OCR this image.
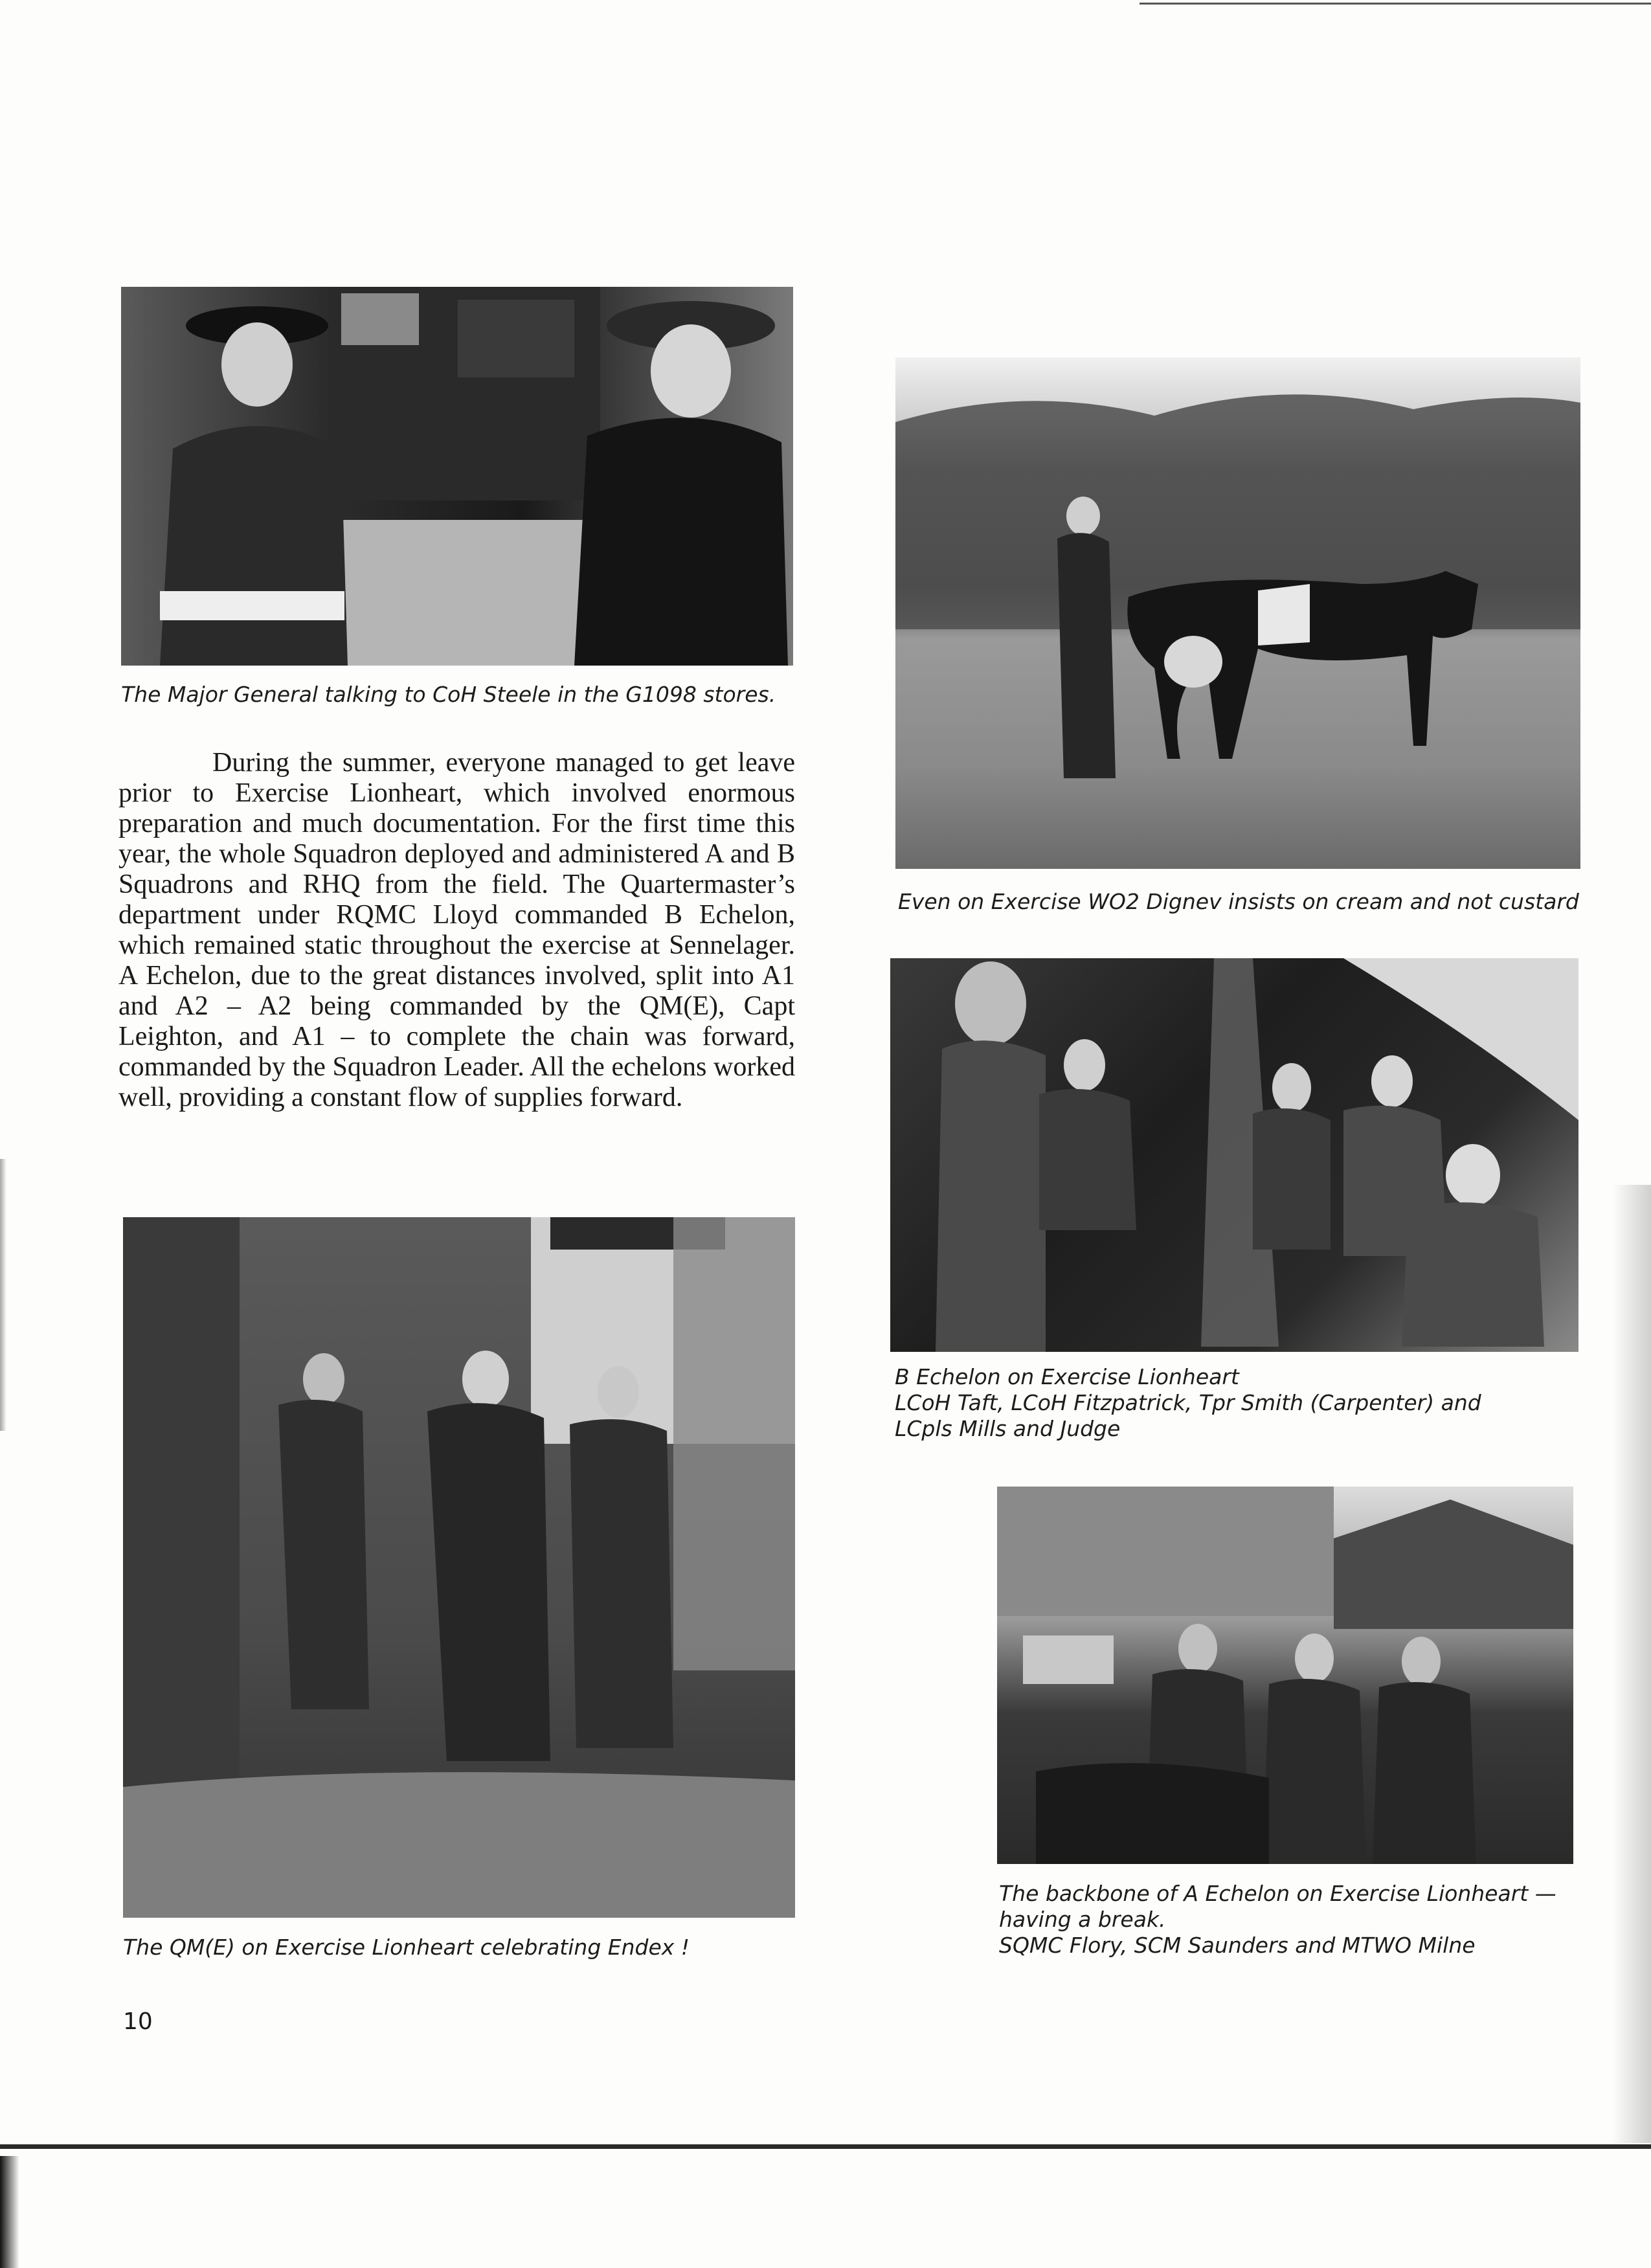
The Major General talking to CoH Steele in the G1098 stores.

During the summer, everyone managed to get leave prior to Exercise Lionheart, which involved enormous preparation and much documentation. For the first time this year, the whole Squadron deployed and administered A and B Squadrons and RHQ from the field. The Quartermaster’s department under RQMC Lloyd commanded B Echelon, which remained static throughout the exercise at Sennelager. A Echelon, due to the great distances involved, split into A1 and A2 – A2 being commanded by the QM(E), Capt Leighton, and A1 – to complete the chain was forward, commanded by the Squadron Leader. All the echelons worked well, providing a constant flow of supplies forward.

Even on Exercise WO2 Dignev insists on cream and not custard

B Echelon on Exercise Lionheart
LCoH Taft, LCoH Fitzpatrick, Tpr Smith (Carpenter) and
LCpls Mills and Judge

The QM(E) on Exercise Lionheart celebrating Endex !

The backbone of A Echelon on Exercise Lionheart —
having a break.
SQMC Flory, SCM Saunders and MTWO Milne

10
